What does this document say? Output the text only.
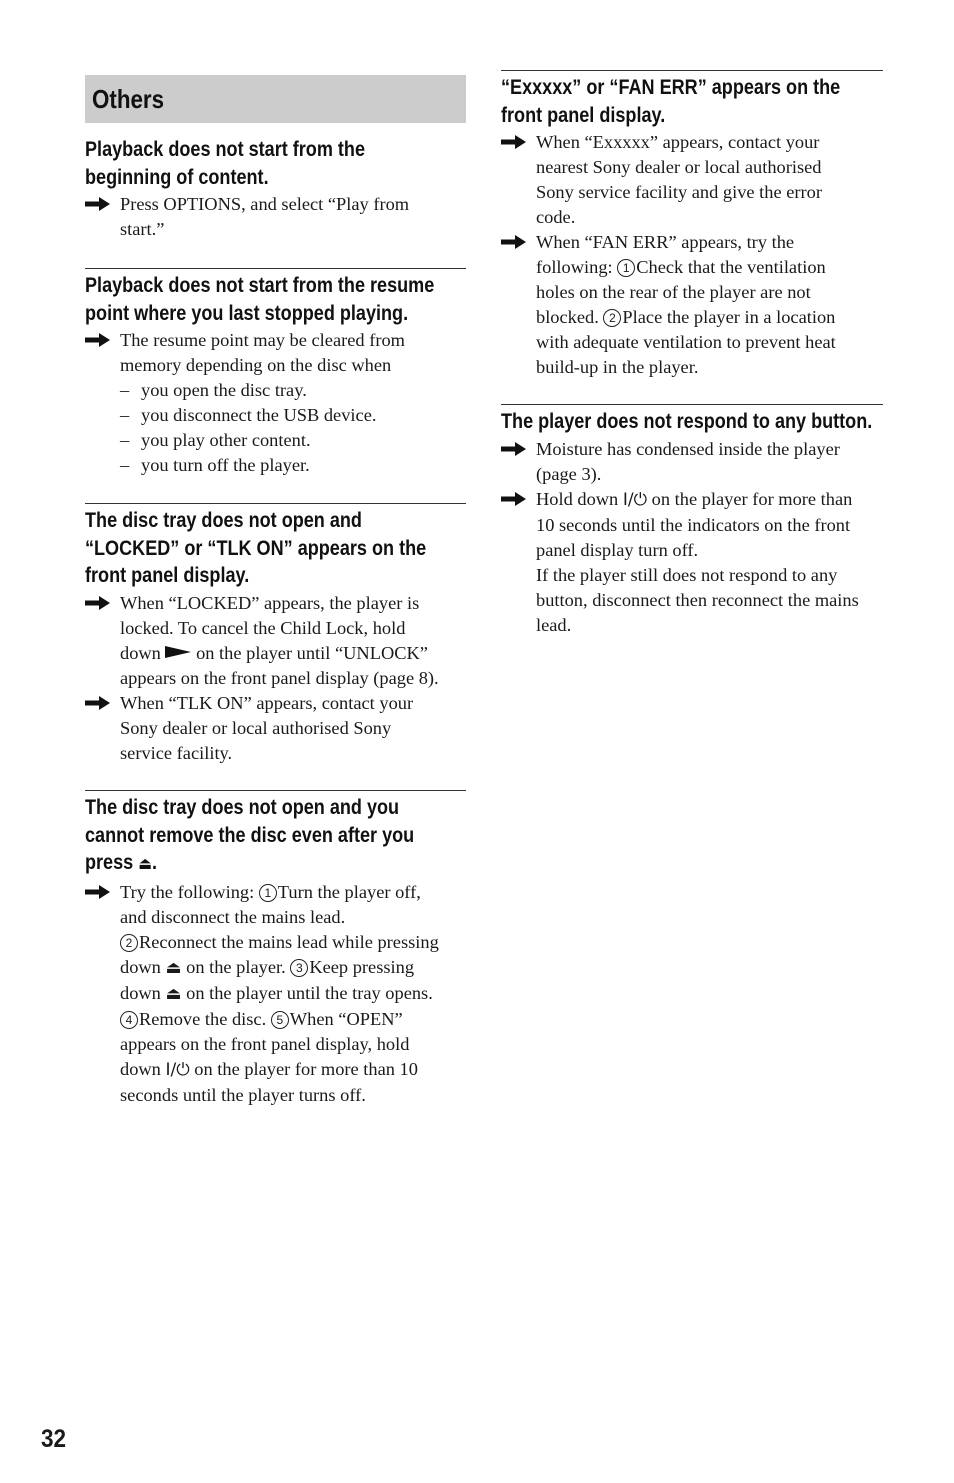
Others
Playback does not start from the
beginning of content.
Press OPTIONS, and select “Play from
start.”
Playback does not start from the resume
point where you last stopped playing.
The resume point may be cleared from
memory depending on the disc when
– you open the disc tray.
– you disconnect the USB device.
– you play other content.
– you turn off the player.
The disc tray does not open and
“LOCKED” or “TLK ON” appears on the
front panel display.
When “LOCKED” appears, the player is
locked. To cancel the Child Lock, hold
down  on the player until “UNLOCK”
appears on the front panel display (page 8).
When “TLK ON” appears, contact your
Sony dealer or local authorised Sony
service facility.
The disc tray does not open and you
cannot remove the disc even after you
press ⏏.
Try the following: 1 Turn the player off,
and disconnect the mains lead.
2 Reconnect the mains lead while pressing
down ⏏ on the player. 3 Keep pressing
down ⏏ on the player until the tray opens.
4 Remove the disc. 5 When “OPEN”
appears on the front panel display, hold
down I/⏻ on the player for more than 10
seconds until the player turns off.
“Exxxxx” or “FAN ERR” appears on the
front panel display.
When “Exxxxx” appears, contact your
nearest Sony dealer or local authorised
Sony service facility and give the error
code.
When “FAN ERR” appears, try the
following: 1 Check that the ventilation
holes on the rear of the player are not
blocked. 2 Place the player in a location
with adequate ventilation to prevent heat
build-up in the player.
The player does not respond to any button.
Moisture has condensed inside the player
(page 3).
Hold down I/⏻ on the player for more than
10 seconds until the indicators on the front
panel display turn off.
If the player still does not respond to any
button, disconnect then reconnect the mains
lead.
32
